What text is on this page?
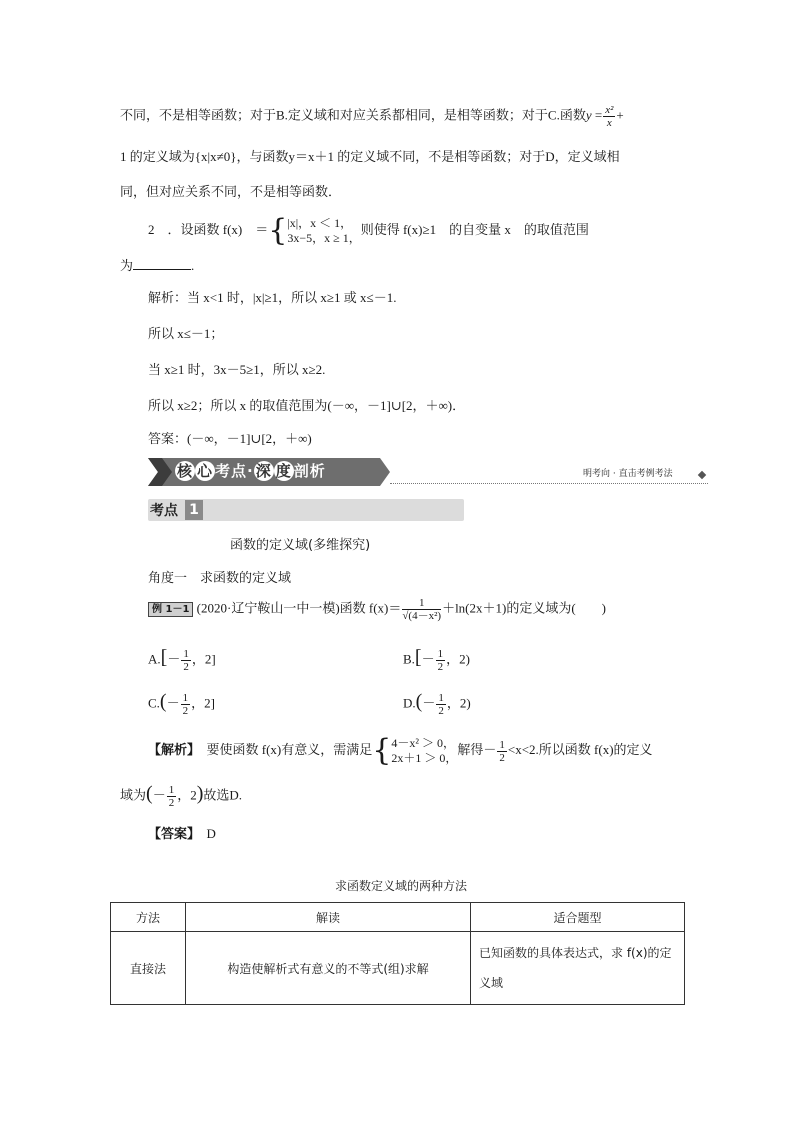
不同，不是相等函数；对于B.定义域和对应关系都相同，是相等函数；对于C.函数$y = \frac{\text{x²}}{x}$ +
1 的定义域为{x|x≠0}，与函数y＝x＋1 的定义域不同，不是相等函数；对于D，定义域相
同，但对应关系不同，不是相等函数．
2　．设函数 f(x)　＝{ |x|，x ＜ 1，
3x−5，x ≥ 1，
则使得 f(x)≥1　的自变量 x　的取值范围
为	.
解析：当 x<1 时，|x|≥1，所以 x≥1 或 x≤－1.
所以 x≤－1；
当 x≥1 时，3x－5≥1，所以 x≥2.
所以 x≥2；所以 x 的取值范围为(－∞，－1]∪[2，＋∞)．
答案：(－∞，－1]∪[2，＋∞)
核 心 考点· 深 度 剖析	明考向 · 直击考例考法
考点 1
函数的定义域(多维探究)
角度一　求函数的定义域
例 1－1 (2020·辽宁鞍山一中一模)函数 $f(x)= \frac{1}{\text{√(4－x²)}} +\ln(2x+1)$的定义域为(　　)
$A.[- \frac{1}{2}$ ，2]	$B.[- \frac{1}{2}$ ，2)
$C.(- \frac{1}{2}$ ，2]	$D.(- \frac{1}{2}$ ，2)
【解析】　要使函数 f(x)有意义，需满足{ 4－x² ＞ 0，
2x＋1 ＞ 0，
解得－ $\frac{1}{2} <x<2$.所以函数 f(x)的定义
域为(－ $\frac{1}{2}$ ，2)故选D.
【答案】　D
求函数定义域的两种方法
方法	解读	适合题型
直接法	构造使解析式有意义的不等式(组)求解	已知函数的具体表达式，求 f(x)的定义域
